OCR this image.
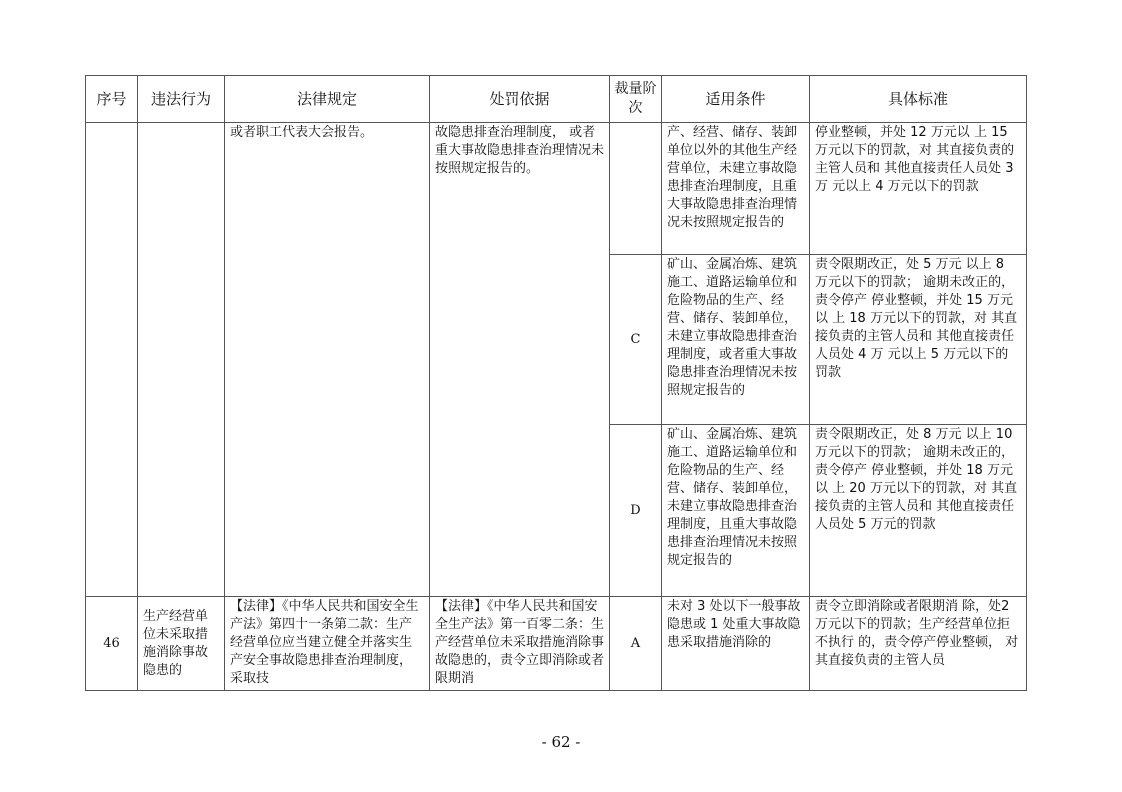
序号	违法行为	法律规定	处罚依据	裁量阶次	适用条件	具体标准
		或者职工代表大会报告。	故隐患排查治理制度， 或者重大事故隐患排查治理情况未按照规定报告的。		产、经营、储存、装卸单位以外的其他生产经营单位，未建立事故隐患排查治理制度，且重大事故隐患排查治理情况未按照规定报告的	停业整顿，并处 12 万元以 上 15 万元以下的罚款，对 其直接负责的主管人员和 其他直接责任人员处 3 万 元以上 4 万元以下的罚款
				C	矿山、金属冶炼、建筑施工、道路运输单位和危险物品的生产、经营、储存、装卸单位，未建立事故隐患排查治理制度，或者重大事故隐患排查治理情况未按照规定报告的	责令限期改正，处 5 万元 以上 8 万元以下的罚款； 逾期未改正的，责令停产 停业整顿，并处 15 万元以 上 18 万元以下的罚款，对 其直接负责的主管人员和 其他直接责任人员处 4 万 元以上 5 万元以下的罚款
				D	矿山、金属冶炼、建筑施工、道路运输单位和危险物品的生产、经营、储存、装卸单位，未建立事故隐患排查治理制度，且重大事故隐患排查治理情况未按照规定报告的	责令限期改正，处 8 万元 以上 10 万元以下的罚款； 逾期未改正的，责令停产 停业整顿，并处 18 万元以 上 20 万元以下的罚款，对 其直接负责的主管人员和 其他直接责任人员处 5 万元的罚款
46	生产经营单位未采取措施消除事故隐患的	【法律】《中华人民共和国安全生产法》第四十一条第二款：生产经营单位应当建立健全并落实生产安全事故隐患排查治理制度，采取技	【法律】《中华人民共和国安全生产法》第一百零二条：生产经营单位未采取措施消除事故隐患的，责令立即消除或者限期消	A	未对 3 处以下一般事故隐患或 1 处重大事故隐患采取措施消除的	责令立即消除或者限期消 除，处2 万元以下的罚款；生产经营单位拒不执行 的，责令停产停业整顿， 对其直接负责的主管人员
- 62 -
